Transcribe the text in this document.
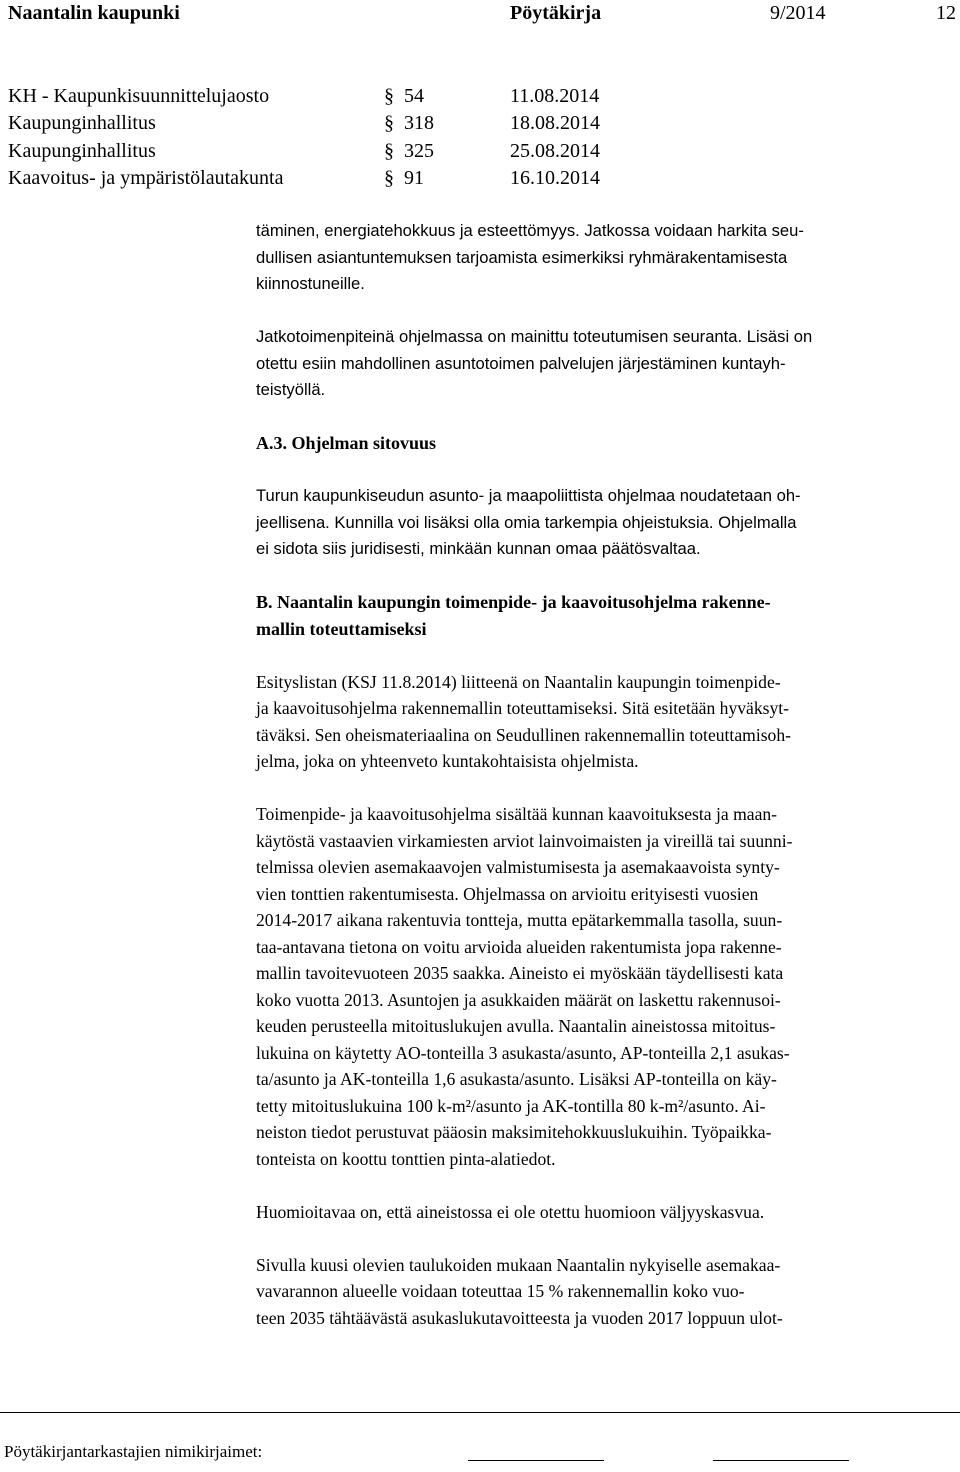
Naantalin kaupunki	Pöytäkirja	9/2014	12
KH - Kaupunkisuunnittelujaosto	§ 54	11.08.2014
Kaupunginhallitus	§ 318	18.08.2014
Kaupunginhallitus	§ 325	25.08.2014
Kaavoitus- ja ympäristölautakunta	§ 91	16.10.2014
täminen, energiatehokkuus ja esteettömyys. Jatkossa voidaan harkita seu-
dullisen asiantuntemuksen tarjoamista esimerkiksi ryhmärakentamisesta
kiinnostuneille.
Jatkotoimenpiteinä ohjelmassa on mainittu toteutumisen seuranta. Lisäsi on
otettu esiin mahdollinen asuntotoimen palvelujen järjestäminen kuntayh-
teistyöllä.
A.3. Ohjelman sitovuus
Turun kaupunkiseudun asunto- ja maapoliittista ohjelmaa noudatetaan oh-
jeellisena. Kunnilla voi lisäksi olla omia tarkempia ohjeistuksia. Ohjelmalla
ei sidota siis juridisesti, minkään kunnan omaa päätösvaltaa.
B. Naantalin kaupungin toimenpide- ja kaavoitusohjelma rakenne-
mallin toteuttamiseksi
Esityslistan (KSJ 11.8.2014) liitteenä on Naantalin kaupungin toimenpide-
ja kaavoitusohjelma rakennemallin toteuttamiseksi. Sitä esitetään hyväksyt-
täväksi. Sen oheismateriaalina on Seudullinen rakennemallin toteuttamisoh-
jelma, joka on yhteenveto kuntakohtaisista ohjelmista.
Toimenpide- ja kaavoitusohjelma sisältää kunnan kaavoituksesta ja maan-
käytöstä vastaavien virkamiesten arviot lainvoimaisten ja vireillä tai suunni-
telmissa olevien asemakaavojen valmistumisesta ja asemakaavoista synty-
vien tonttien rakentumisesta. Ohjelmassa on arvioitu erityisesti vuosien
2014-2017 aikana rakentuvia tontteja, mutta epätarkemmalla tasolla, suun-
taa-antavana tietona on voitu arvioida alueiden rakentumista jopa rakenne-
mallin tavoitevuoteen 2035 saakka. Aineisto ei myöskään täydellisesti kata
koko vuotta 2013. Asuntojen ja asukkaiden määrät on laskettu rakennusoi-
keuden perusteella mitoituslukujen avulla. Naantalin aineistossa mitoitus-
lukuina on käytetty AO-tonteilla 3 asukasta/asunto, AP-tonteilla 2,1 asukas-
ta/asunto ja AK-tonteilla 1,6 asukasta/asunto. Lisäksi AP-tonteilla on käy-
tetty mitoituslukuina 100 k-m²/asunto ja AK-tontilla 80 k-m²/asunto. Ai-
neiston tiedot perustuvat pääosin maksimitehokkuuslukuihin. Työpaikka-
tonteista on koottu tonttien pinta-alatiedot.
Huomioitavaa on, että aineistossa ei ole otettu huomioon väljyyskasvua.
Sivulla kuusi olevien taulukoiden mukaan Naantalin nykyiselle asemakaa-
vavarannon alueelle voidaan toteuttaa 15 % rakennemallin koko vuo-
teen 2035 tähtäävästä asukaslukutavoitteesta ja vuoden 2017 loppuun ulot-
Pöytäkirjantarkastajien nimikirjaimet:
